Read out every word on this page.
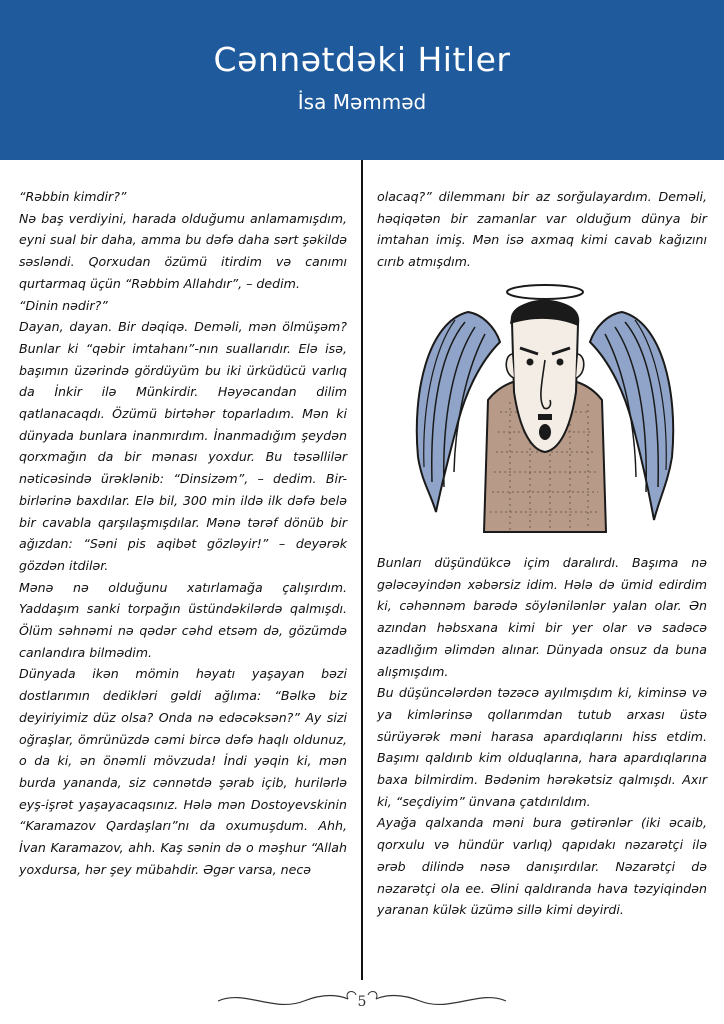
Cənnətdəki Hitler
İsa Məmməd

“Rəbbin kimdir?”

Nə baş verdiyini, harada olduğumu anlamamışdım, eyni sual bir daha, amma bu dəfə daha sərt şəkildə səsləndi. Qorxudan özümü itirdim və canımı qurtarmaq üçün “Rəbbim Allahdır”, – dedim.

“Dinin nədir?”

Dayan, dayan. Bir dəqiqə. Deməli, mən ölmüşəm? Bunlar ki “qəbir imtahanı”-nın suallarıdır. Elə isə, başımın üzərində gördüyüm bu iki ürküdücü varlıq da İnkir ilə Münkirdir. Həyəcandan dilim qatlanacaqdı. Özümü birtəhər toparladım. Mən ki dünyada bunlara inanmırdım. İnanmadığım şeydən qorxmağın da bir mənası yoxdur. Bu təsəllilər nəticəsində ürəklənib: “Dinsizəm”, – dedim. Bir-birlərinə baxdılar. Elə bil, 300 min ildə ilk dəfə belə bir cavabla qarşılaşmışdılar. Mənə tərəf dönüb bir ağızdan: “Səni pis aqibət gözləyir!” – deyərək gözdən itdilər.

Mənə nə olduğunu xatırlamağa çalışırdım. Yaddaşım sanki torpağın üstündəkilərdə qalmışdı. Ölüm səhnəmi nə qədər cəhd etsəm də, gözümdə canlandıra bilmədim.

Dünyada ikən mömin həyatı yaşayan bəzi dostlarımın dedikləri gəldi ağlıma: “Bəlkə biz deyiriyimiz düz olsa? Onda nə edəcəksən?” Ay sizi oğraşlar, ömrünüzdə cəmi bircə dəfə haqlı oldunuz, o da ki, ən önəmli mövzuda! İndi yəqin ki, mən burda yananda, siz cənnətdə şərab içib, hurilərlə eyş-işrət yaşayacaqsınız. Hələ mən Dostoyevskinin “Karamazov Qardaşları”nı da oxumuşdum. Ahh, İvan Karamazov, ahh. Kaş sənin də o məşhur “Allah yoxdursa, hər şey mübahdir. Əgər varsa, necə

olacaq?” dilemmanı bir az sorğulayardım. Deməli, həqiqətən bir zamanlar var olduğum dünya bir imtahan imiş. Mən isə axmaq kimi cavab kağızını cırıb atmışdım.

Bunları düşündükcə içim daralırdı. Başıma nə gələcəyindən xəbərsiz idim. Hələ də ümid edirdim ki, cəhənnəm barədə söylənilənlər yalan olar. Ən azından həbsxana kimi bir yer olar və sadəcə azadlığım əlimdən alınar. Dünyada onsuz da buna alışmışdım.

Bu düşüncələrdən təzəcə ayılmışdım ki, kiminsə və ya kimlərinsə qollarımdan tutub arxası üstə sürüyərək məni harasa apardıqlarını hiss etdim. Başımı qaldırıb kim olduqlarına, hara apardıqlarına baxa bilmirdim. Bədənim hərəkətsiz qalmışdı. Axır ki, “seçdiyim” ünvana çatdırıldım.

Ayağa qalxanda məni bura gətirənlər (iki əcaib, qorxulu və hündür varlıq) qapıdakı nəzarətçi ilə ərəb dilində nəsə danışırdılar. Nəzarətçi də nəzarətçi ola ee. Əlini qaldıranda hava təzyiqindən yaranan külək üzümə sillə kimi dəyirdi.

5
